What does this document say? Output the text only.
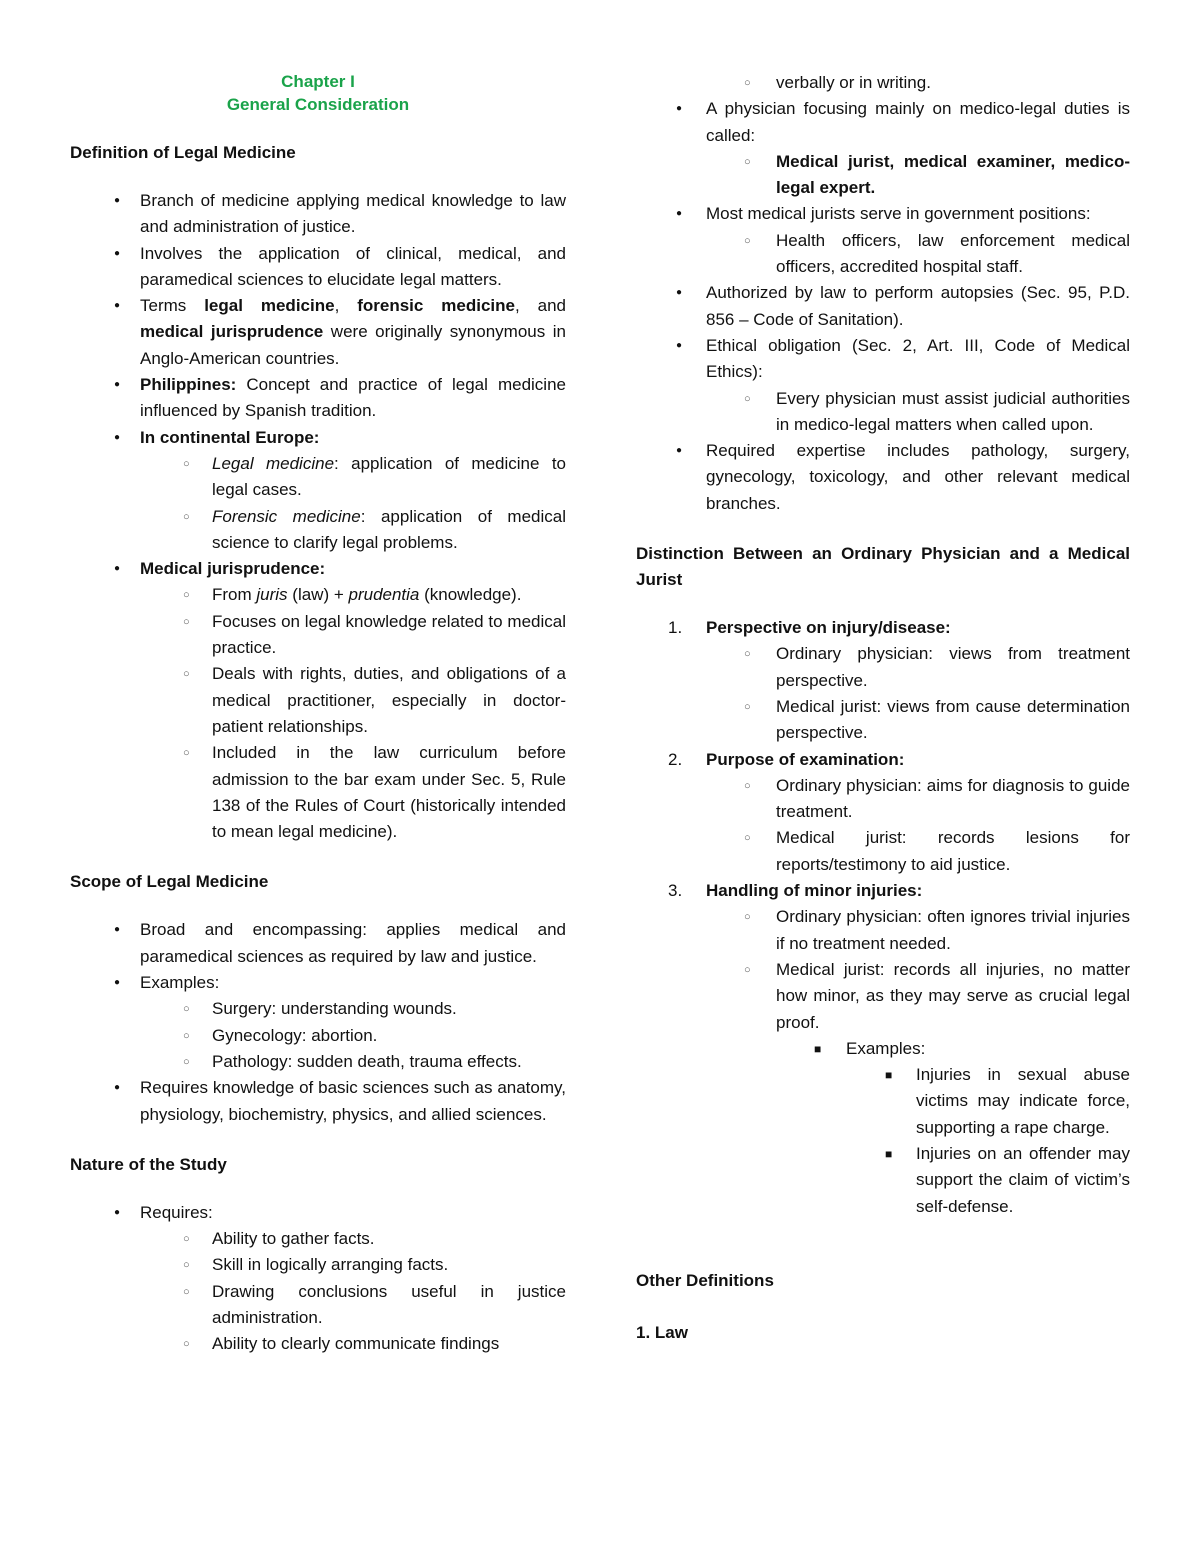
Chapter I
General Consideration
Definition of Legal Medicine
● Branch of medicine applying medical knowledge to law and administration of justice.
● Involves the application of clinical, medical, and paramedical sciences to elucidate legal matters.
● Terms legal medicine, forensic medicine, and medical jurisprudence were originally synonymous in Anglo-American countries.
● Philippines: Concept and practice of legal medicine influenced by Spanish tradition.
● In continental Europe:
○ Legal medicine: application of medicine to legal cases.
○ Forensic medicine: application of medical science to clarify legal problems.
● Medical jurisprudence:
○ From juris (law) + prudentia (knowledge).
○ Focuses on legal knowledge related to medical practice.
○ Deals with rights, duties, and obligations of a medical practitioner, especially in doctor-patient relationships.
○ Included in the law curriculum before admission to the bar exam under Sec. 5, Rule 138 of the Rules of Court (historically intended to mean legal medicine).
Scope of Legal Medicine
● Broad and encompassing: applies medical and paramedical sciences as required by law and justice.
● Examples:
○ Surgery: understanding wounds.
○ Gynecology: abortion.
○ Pathology: sudden death, trauma effects.
● Requires knowledge of basic sciences such as anatomy, physiology, biochemistry, physics, and allied sciences.
Nature of the Study
● Requires:
○ Ability to gather facts.
○ Skill in logically arranging facts.
○ Drawing conclusions useful in justice administration.
○ Ability to clearly communicate findings
○ verbally or in writing.
● A physician focusing mainly on medico-legal duties is called:
○ Medical jurist, medical examiner, medico-legal expert.
● Most medical jurists serve in government positions:
○ Health officers, law enforcement medical officers, accredited hospital staff.
● Authorized by law to perform autopsies (Sec. 95, P.D. 856 – Code of Sanitation).
● Ethical obligation (Sec. 2, Art. III, Code of Medical Ethics):
○ Every physician must assist judicial authorities in medico-legal matters when called upon.
● Required expertise includes pathology, surgery, gynecology, toxicology, and other relevant medical branches.
Distinction Between an Ordinary Physician and a Medical Jurist
1. Perspective on injury/disease:
○ Ordinary physician: views from treatment perspective.
○ Medical jurist: views from cause determination perspective.
2. Purpose of examination:
○ Ordinary physician: aims for diagnosis to guide treatment.
○ Medical jurist: records lesions for reports/testimony to aid justice.
3. Handling of minor injuries:
○ Ordinary physician: often ignores trivial injuries if no treatment needed.
○ Medical jurist: records all injuries, no matter how minor, as they may serve as crucial legal proof.
■ Examples:
■ Injuries in sexual abuse victims may indicate force, supporting a rape charge.
■ Injuries on an offender may support the claim of victim’s self-defense.
Other Definitions
1. Law
